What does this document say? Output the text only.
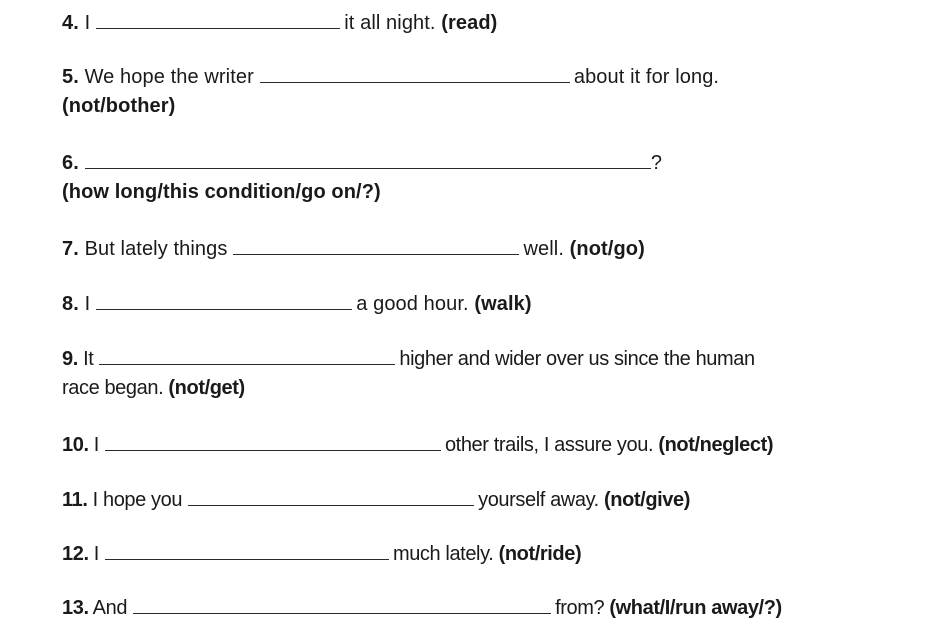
4. I	it all night. (read)
5. We hope the writer	about it for long.
(not/bother)
6.	?
(how long/this condition/go on/?)
7. But lately things	well. (not/go)
8. I	a good hour. (walk)
9. It	higher and wider over us since the human
race began. (not/get)
10. I	other trails, I assure you. (not/neglect)
11. I hope you	yourself away. (not/give)
12. I	much lately. (not/ride)
13. And	from? (what/I/run away/?)
